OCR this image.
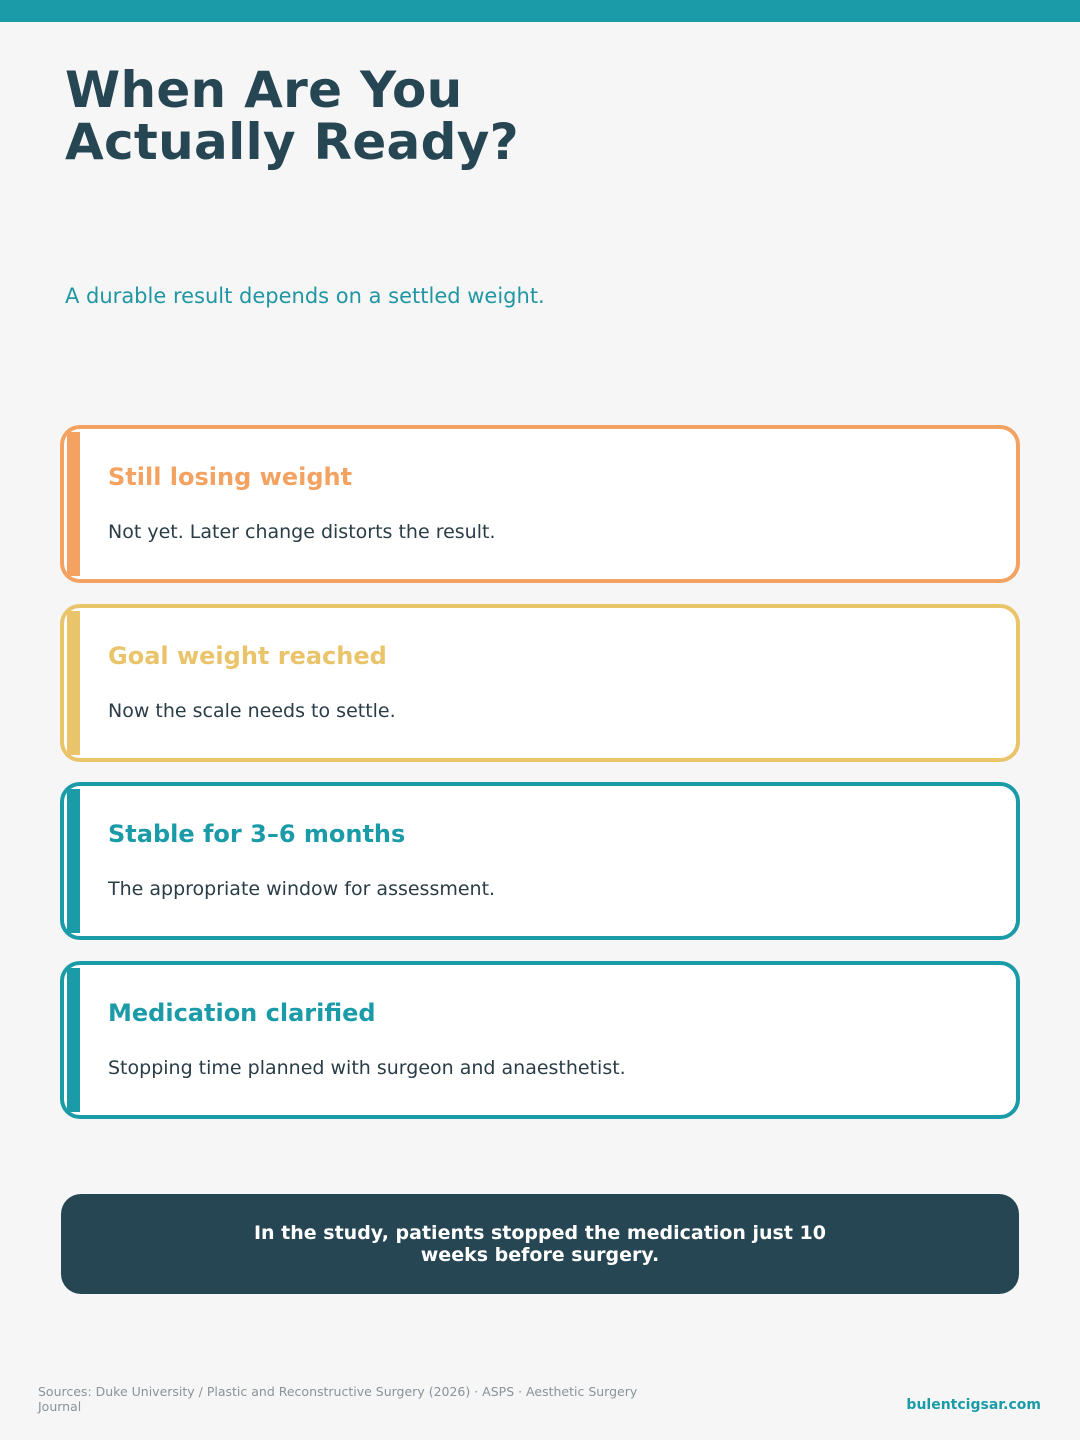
When Are You
Actually Ready?

A durable result depends on a settled weight.

Still losing weight

Not yet. Later change distorts the result.

Goal weight reached

Now the scale needs to settle.

Stable for 3–6 months

The appropriate window for assessment.

Medication clarified

Stopping time planned with surgeon and anaesthetist.

In the study, patients stopped the medication just 10 weeks before surgery.

Sources: Duke University / Plastic and Reconstructive Surgery (2026) · ASPS · Aesthetic Surgery Journal	bulentcigsar.com
